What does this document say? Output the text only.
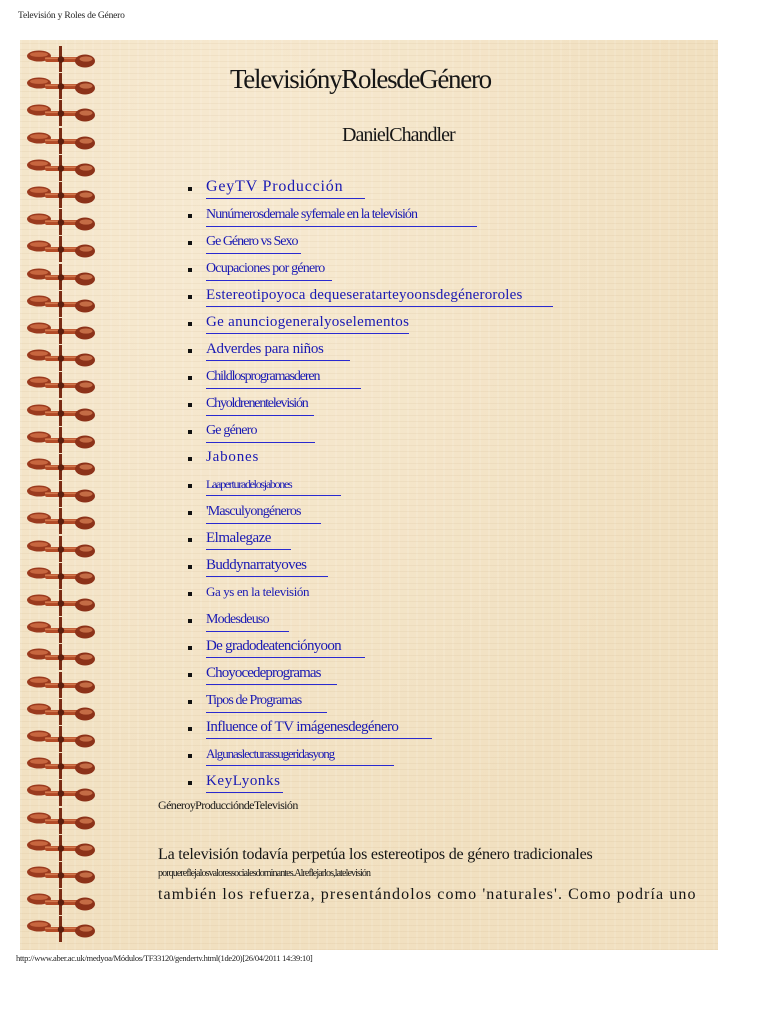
Televisión y Roles de Género
TelevisiónyRolesdeGénero
DanielChandler
GeyTV Producción
Nunúmerosdemale syfemale en la televisión
Ge Género vs Sexo
Ocupaciones por género
Estereotipoyoca dequeseratarteyoonsdegéneroroles
Ge anunciogeneralyoselementos
Adverdes para niños
Childlosprogramasderen
Chyoldrenentelevisión
Ge género
Jabones
Laaperturadelosjabones
'Masculyongéneros
Elmalegaze
Buddynarratyoves
Ga ys en la televisión
Modesdeuso
De gradodeatenciónyoon
Choyocedeprogramas
Tipos de Programas
Influence of TV imágenesdegénero
Algunaslecturassugeridasyong
KeyLyonks
GéneroyProduccióndeTelevisión
La televisión todavía perpetúa los estereotipos de género tradicionales
porquereflejalosvaloressocialesdominantes.Alreflejarlos,latelevisión
también los refuerza, presentándolos como 'naturales'. Como podría uno
http://www.aber.ac.uk/medyoa/Módulos/TF33120/gendertv.html(1de20)[26/04/2011 14:39:10]
